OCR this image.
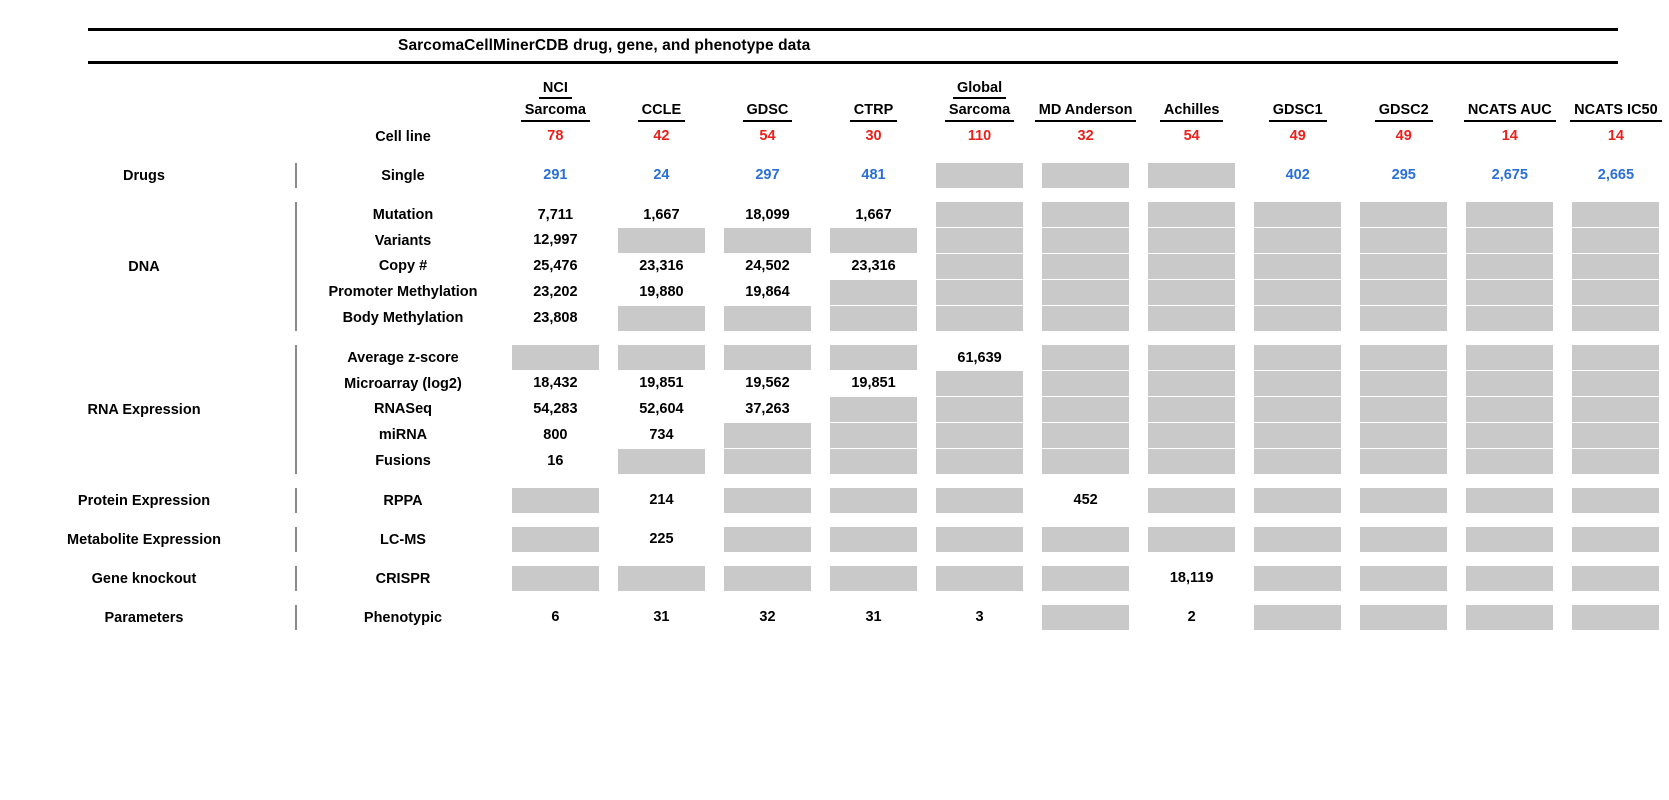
SarcomaCellMinerCDB drug, gene, and phenotype data
			NCI				Global						
			Sarcoma	CCLE	GDSC	CTRP	Sarcoma	MD Anderson	Achilles	GDSC1	GDSC2	NCATS AUC	NCATS IC50
		Cell line	78	42	54	30	110	32	54	49	49	14	14

Drugs		Single	291	24	297	481				402	295	2,675	2,665

DNA		Mutation	7,711	1,667	18,099	1,667							

		Variants	12,997										

		Copy #	25,476	23,316	24,502	23,316							

		Promoter Methylation	23,202	19,880	19,864								

		Body Methylation	23,808										

RNA Expression		Average z-score					61,639						

		Microarray (log2)	18,432	19,851	19,562	19,851							

		RNASeq	54,283	52,604	37,263								

		miRNA	800	734									

		Fusions	16										

Protein Expression		RPPA		214				452					

Metabolite Expression		LC-MS		225									

Gene knockout		CRISPR							18,119				

Parameters		Phenotypic	6	31	32	31	3		2				
